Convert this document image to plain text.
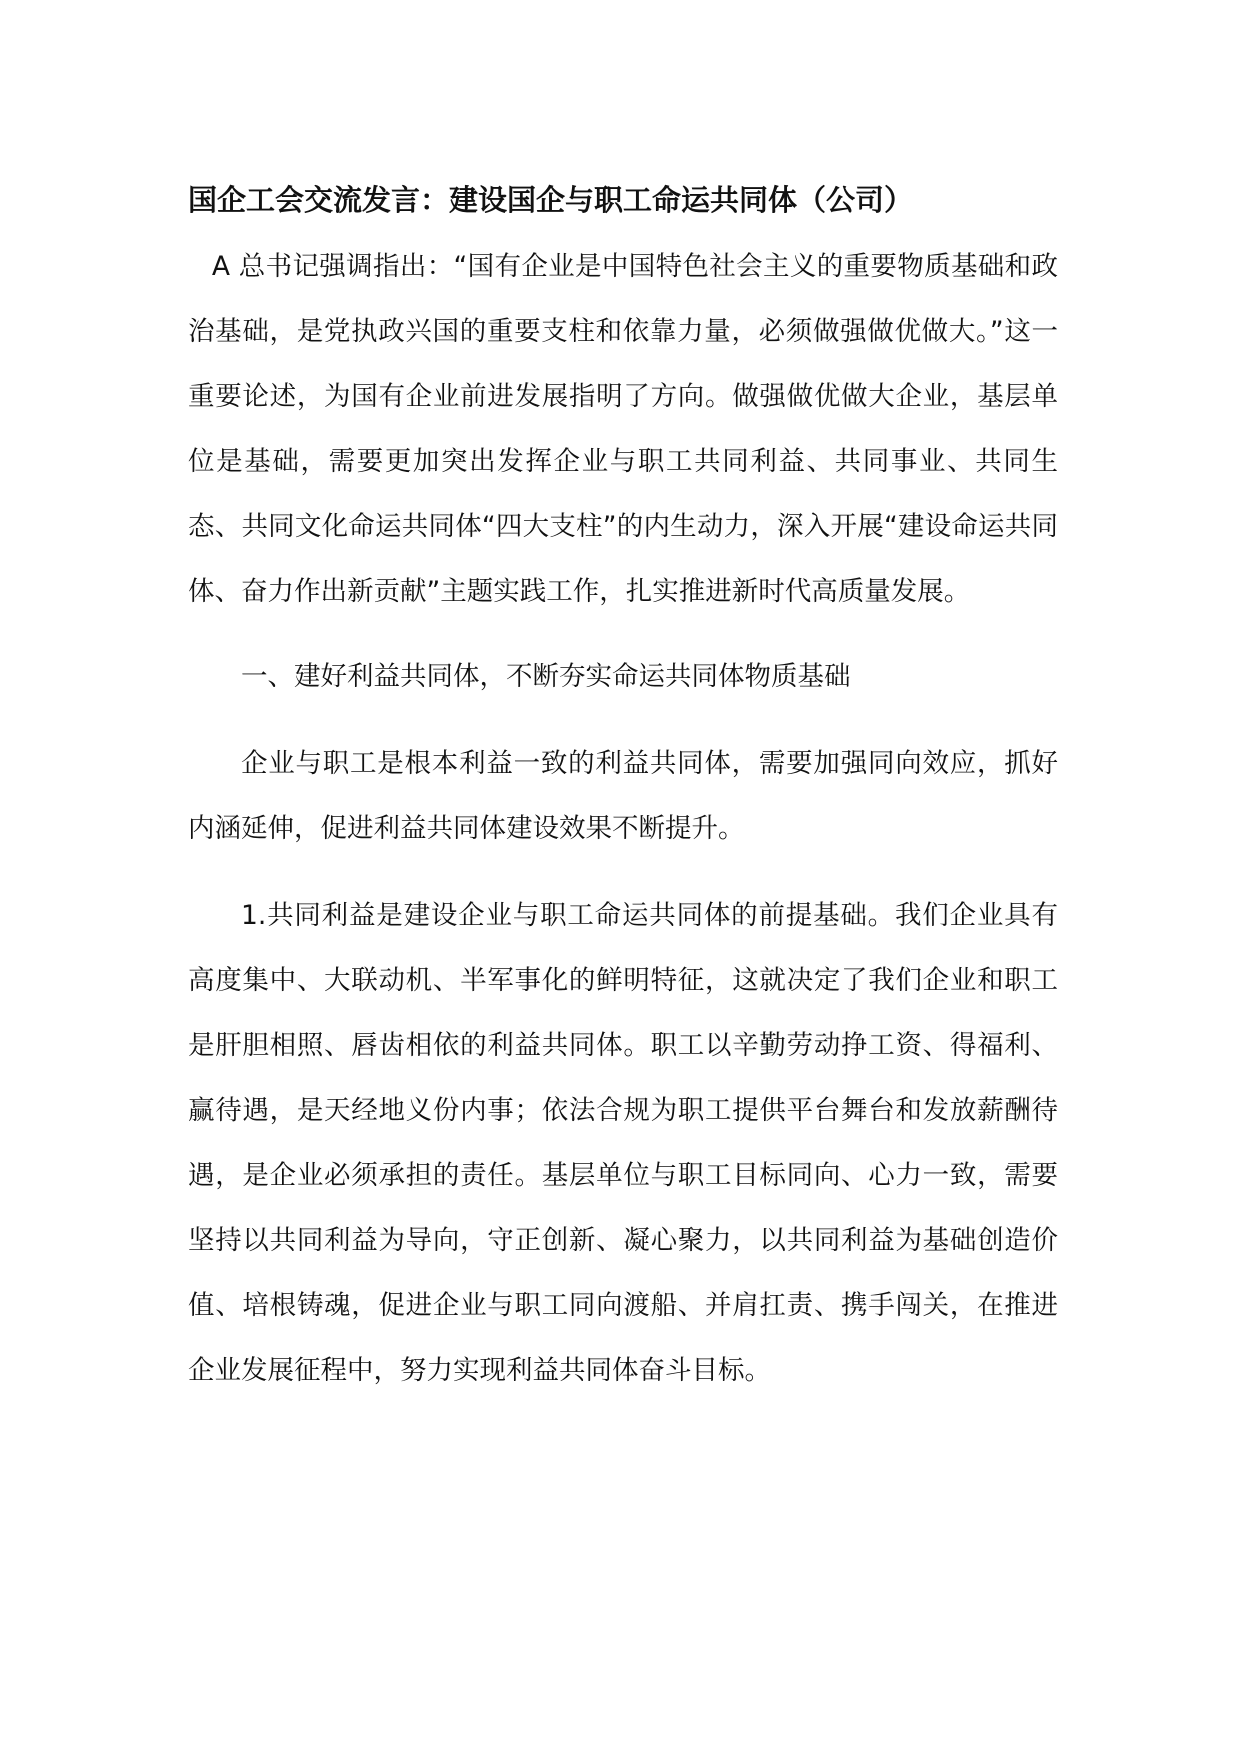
国企工会交流发言：建设国企与职工命运共同体（公司）

A 总书记强调指出：“国有企业是中国特色社会主义的重要物质基础和政治基础，是党执政兴国的重要支柱和依靠力量，必须做强做优做大。”这一重要论述，为国有企业前进发展指明了方向。做强做优做大企业，基层单位是基础，需要更加突出发挥企业与职工共同利益、共同事业、共同生态、共同文化命运共同体“四大支柱”的内生动力，深入开展“建设命运共同体、奋力作出新贡献”主题实践工作，扎实推进新时代高质量发展。

一、建好利益共同体，不断夯实命运共同体物质基础

企业与职工是根本利益一致的利益共同体，需要加强同向效应，抓好内涵延伸，促进利益共同体建设效果不断提升。

1.共同利益是建设企业与职工命运共同体的前提基础。我们企业具有高度集中、大联动机、半军事化的鲜明特征，这就决定了我们企业和职工是肝胆相照、唇齿相依的利益共同体。职工以辛勤劳动挣工资、得福利、赢待遇，是天经地义份内事；依法合规为职工提供平台舞台和发放薪酬待遇，是企业必须承担的责任。基层单位与职工目标同向、心力一致，需要坚持以共同利益为导向，守正创新、凝心聚力，以共同利益为基础创造价值、培根铸魂，促进企业与职工同向渡船、并肩扛责、携手闯关，在推进企业发展征程中，努力实现利益共同体奋斗目标。
